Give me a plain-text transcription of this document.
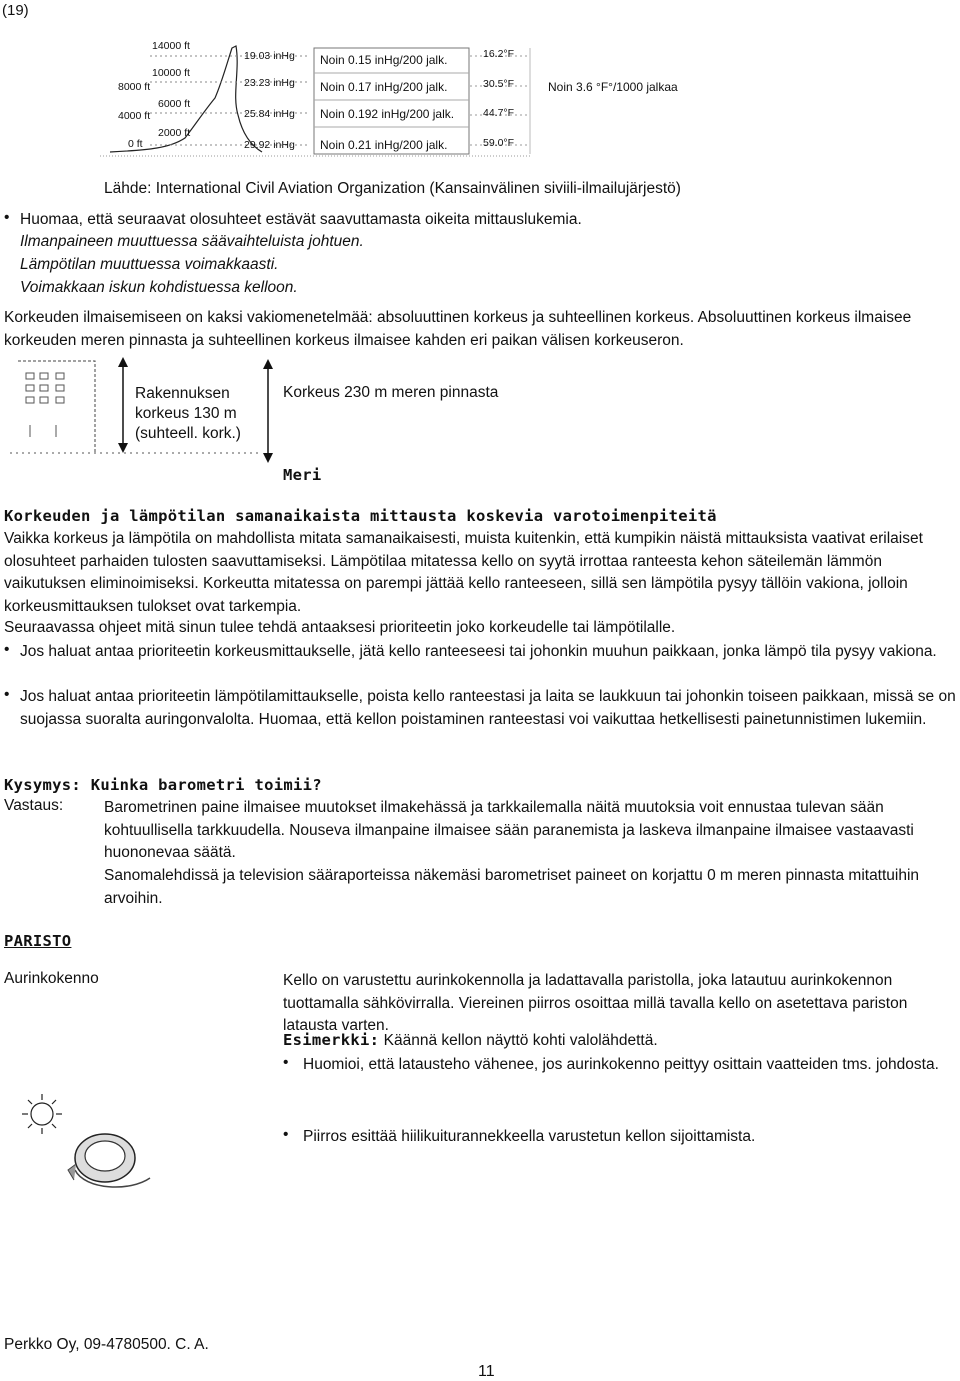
(19)
14000 ft
10000 ft
8000 ft
6000 ft
4000 ft
2000 ft
0 ft
19.03 inHg
23.23 inHg
25.84 inHg
29.92 inHg
Noin 0.15 inHg/200 jalk.
Noin 0.17 inHg/200 jalk.
Noin 0.192 inHg/200 jalk.
Noin 0.21 inHg/200 jalk.
16.2°F
30.5°F
44.7°F
59.0°F
Noin 3.6 °F°/1000 jalkaa
Lähde: International Civil Aviation Organization (Kansainvälinen siviili-ilmailujärjestö)
• Huomaa, että seuraavat olosuhteet estävät saavuttamasta oikeita mittauslukemia.
Ilmanpaineen muuttuessa säävaihteluista johtuen.
Lämpötilan muuttuessa voimakkaasti.
Voimakkaan iskun kohdistuessa kelloon.
Korkeuden ilmaisemiseen on kaksi vakiomenetelmää: absoluuttinen korkeus ja suhteellinen korkeus. Absoluuttinen korkeus ilmaisee korkeuden meren pinnasta ja suhteellinen korkeus ilmaisee kahden eri paikan välisen korkeuseron.
Rakennuksen
korkeus 130 m
(suhteell. kork.)
Korkeus 230 m meren pinnasta
Meri
Korkeuden ja lämpötilan samanaikaista mittausta koskevia varotoimenpiteitä
Vaikka korkeus ja lämpötila on mahdollista mitata samanaikaisesti, muista kuitenkin, että kumpikin näistä mittauksista vaativat erilaiset olosuhteet parhaiden tulosten saavuttamiseksi. Lämpötilaa mitatessa kello on syytä irrottaa ranteesta kehon säteilemän lämmön vaikutuksen eliminoimiseksi. Korkeutta mitatessa on parempi jättää kello ranteeseen, sillä sen lämpötila pysyy tällöin vakiona, jolloin korkeusmittauksen tulokset ovat tarkempia.
Seuraavassa ohjeet mitä sinun tulee tehdä antaaksesi prioriteetin joko korkeudelle tai lämpötilalle.
• Jos haluat antaa prioriteetin korkeusmittaukselle, jätä kello ranteeseesi tai johonkin muuhun paikkaan, jonka lämpö tila pysyy vakiona.
• Jos haluat antaa prioriteetin lämpötilamittaukselle, poista kello ranteestasi ja laita se laukkuun tai johonkin toiseen paikkaan, missä se on suojassa suoralta auringonvalolta. Huomaa, että kellon poistaminen ranteestasi voi vaikuttaa hetkellisesti painetunnistimen lukemiin.
Kysymys: Kuinka barometri toimii?
Vastaus:	Barometrinen paine ilmaisee muutokset ilmakehässä ja tarkkailemalla näitä muutoksia voit ennustaa tulevan sään kohtuullisella tarkkuudella. Nouseva ilmanpaine ilmaisee sään paranemista ja laskeva ilmanpaine ilmaisee vastaavasti huononevaa säätä.
Sanomalehdissä ja television sääraporteissa näkemäsi barometriset paineet on korjattu 0 m meren pinnasta mitattuihin arvoihin.
PARISTO
Aurinkokenno	Kello on varustettu aurinkokennolla ja ladattavalla paristolla, joka latautuu aurinkokennon tuottamalla sähkövirralla. Viereinen piirros osoittaa millä tavalla kello on asetettava pariston latausta varten.
Esimerkki: Käännä kellon näyttö kohti valolähdettä.
• Huomioi, että lataustehо vähenee, jos aurinkokenno peittyy osittain vaatteiden tms. johdosta.
• Piirros esittää hiilikuiturannekkeella varustetun kellon sijoittamista.
Perkko Oy, 09-4780500. C. A.
11
